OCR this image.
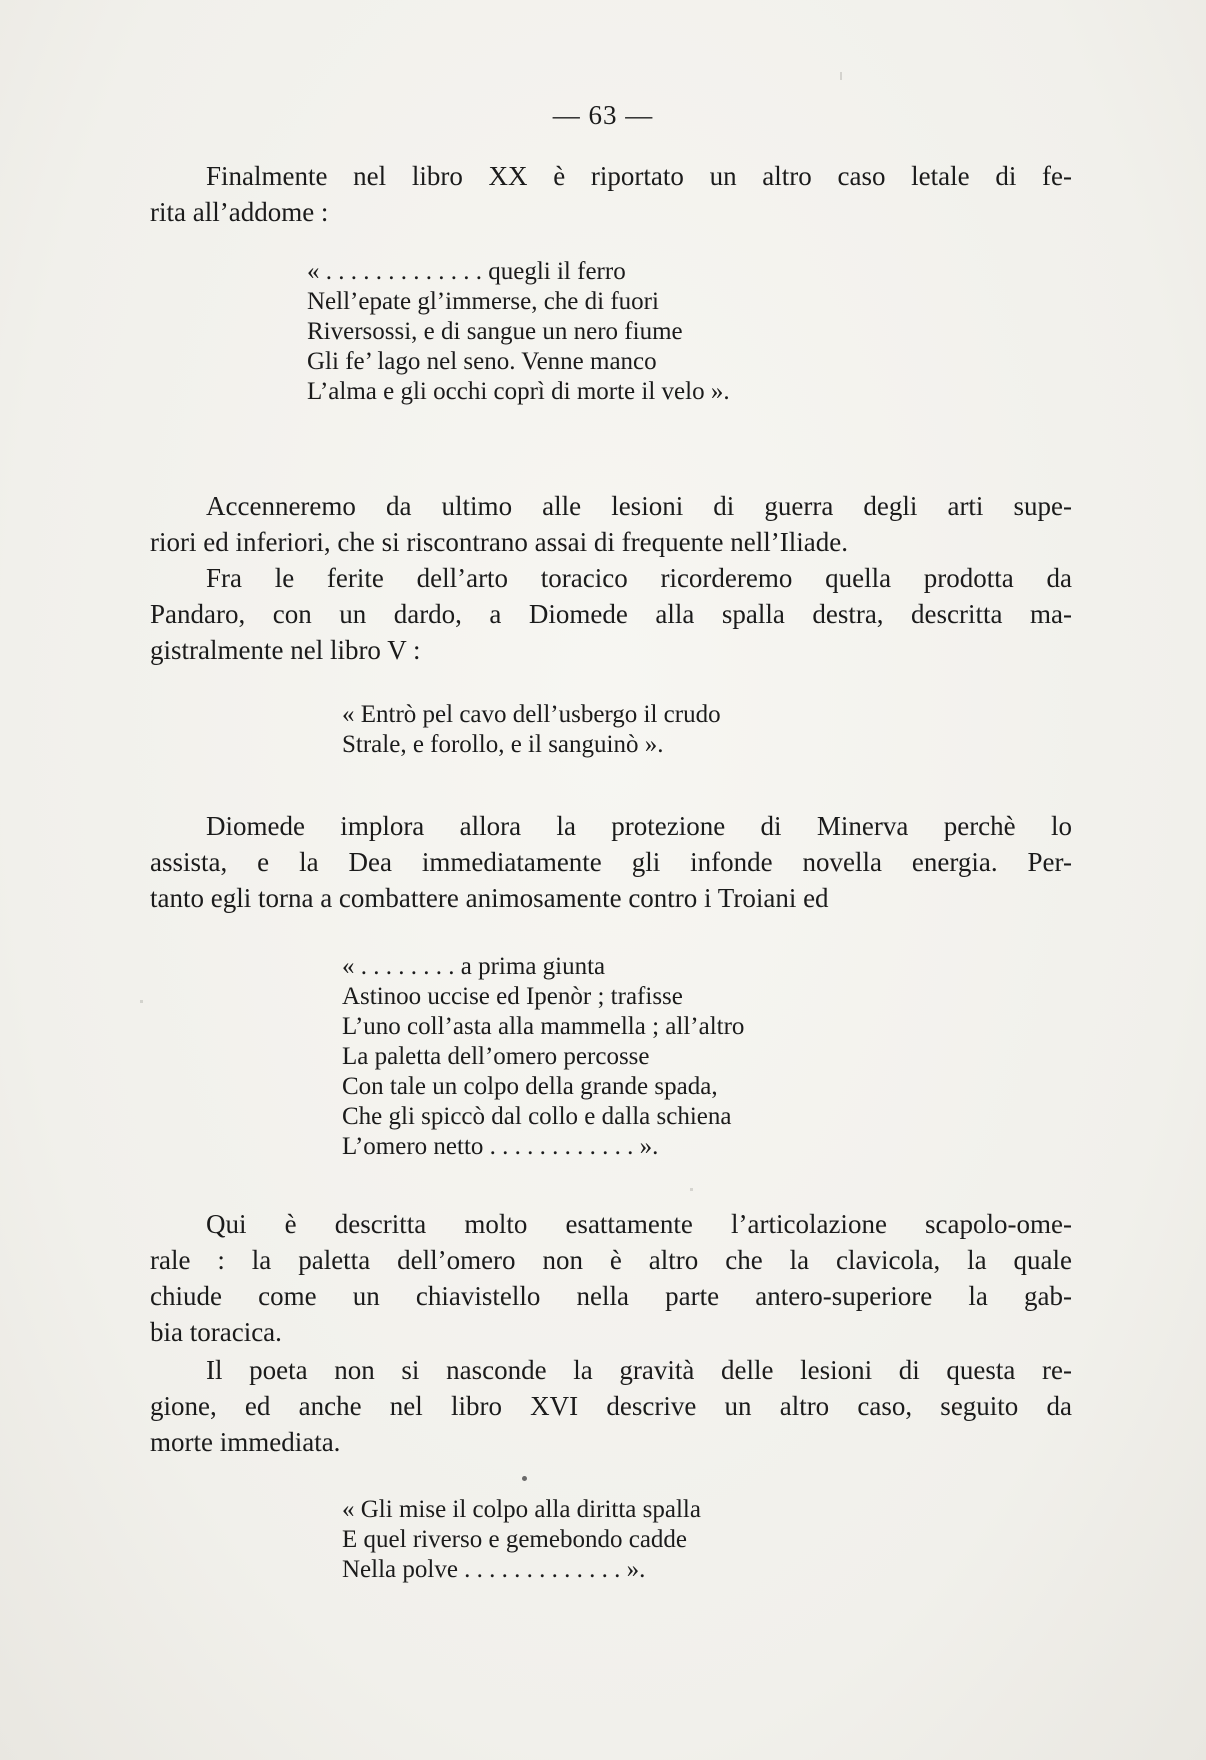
— 63 —
Finalmente nel libro XX è riportato un altro caso letale di fe-
rita all’addome :
« . . . . . . . . . . . . . quegli il ferro
Nell’epate gl’immerse, che di fuori
Riversossi, e di sangue un nero fiume
Gli fe’ lago nel seno. Venne manco
L’alma e gli occhi coprì di morte il velo ».
Accenneremo da ultimo alle lesioni di guerra degli arti supe-
riori ed inferiori, che si riscontrano assai di frequente nell’Iliade.
Fra le ferite dell’arto toracico ricorderemo quella prodotta da
Pandaro, con un dardo, a Diomede alla spalla destra, descritta ma-
gistralmente nel libro V :
« Entrò pel cavo dell’usbergo il crudo
Strale, e forollo, e il sanguinò ».
Diomede implora allora la protezione di Minerva perchè lo
assista, e la Dea immediatamente gli infonde novella energia. Per-
tanto egli torna a combattere animosamente contro i Troiani ed
« . . . . . . . . a prima giunta
Astinoo uccise ed Ipenòr ; trafisse
L’uno coll’asta alla mammella ; all’altro
La paletta dell’omero percosse
Con tale un colpo della grande spada,
Che gli spiccò dal collo e dalla schiena
L’omero netto . . . . . . . . . . . . ».
Qui è descritta molto esattamente l’articolazione scapolo-ome-
rale : la paletta dell’omero non è altro che la clavicola, la quale
chiude come un chiavistello nella parte antero-superiore la gab-
bia toracica.
Il poeta non si nasconde la gravità delle lesioni di questa re-
gione, ed anche nel libro XVI descrive un altro caso, seguito da
morte immediata.
« Gli mise il colpo alla diritta spalla
E quel riverso e gemebondo cadde
Nella polve . . . . . . . . . . . . . ».
